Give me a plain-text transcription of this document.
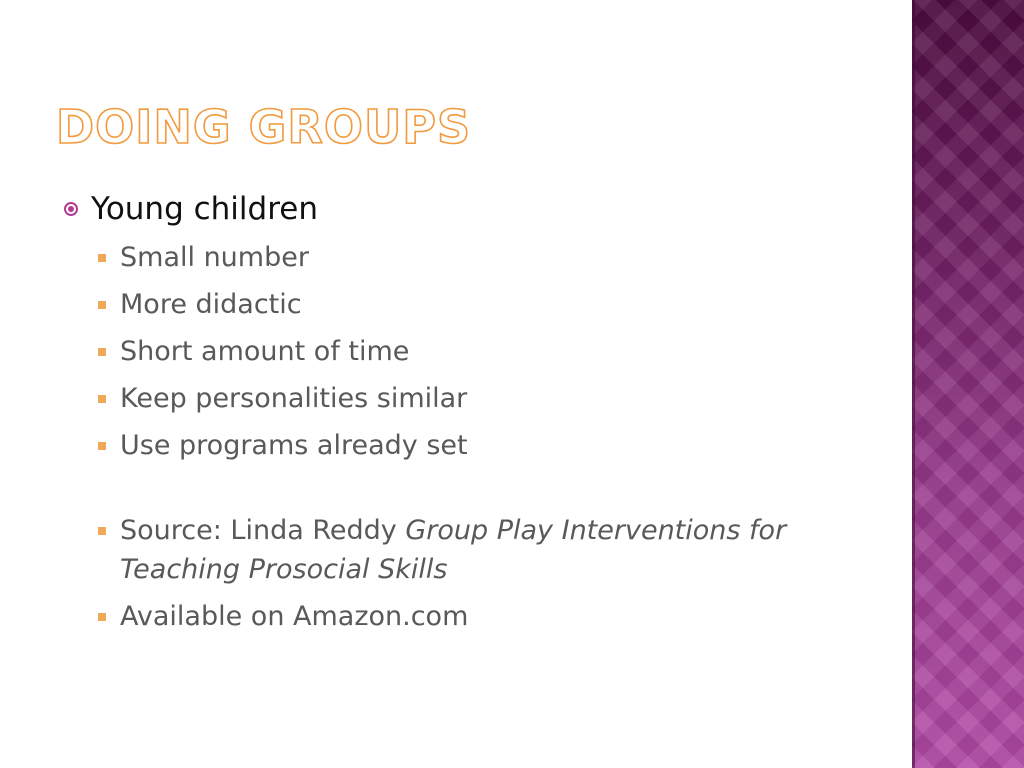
DOING GROUPS
Young children
Small number
More didactic
Short amount of time
Keep personalities similar
Use programs already set
Source: Linda Reddy Group Play Interventions for Teaching Prosocial Skills
Available on Amazon.com
